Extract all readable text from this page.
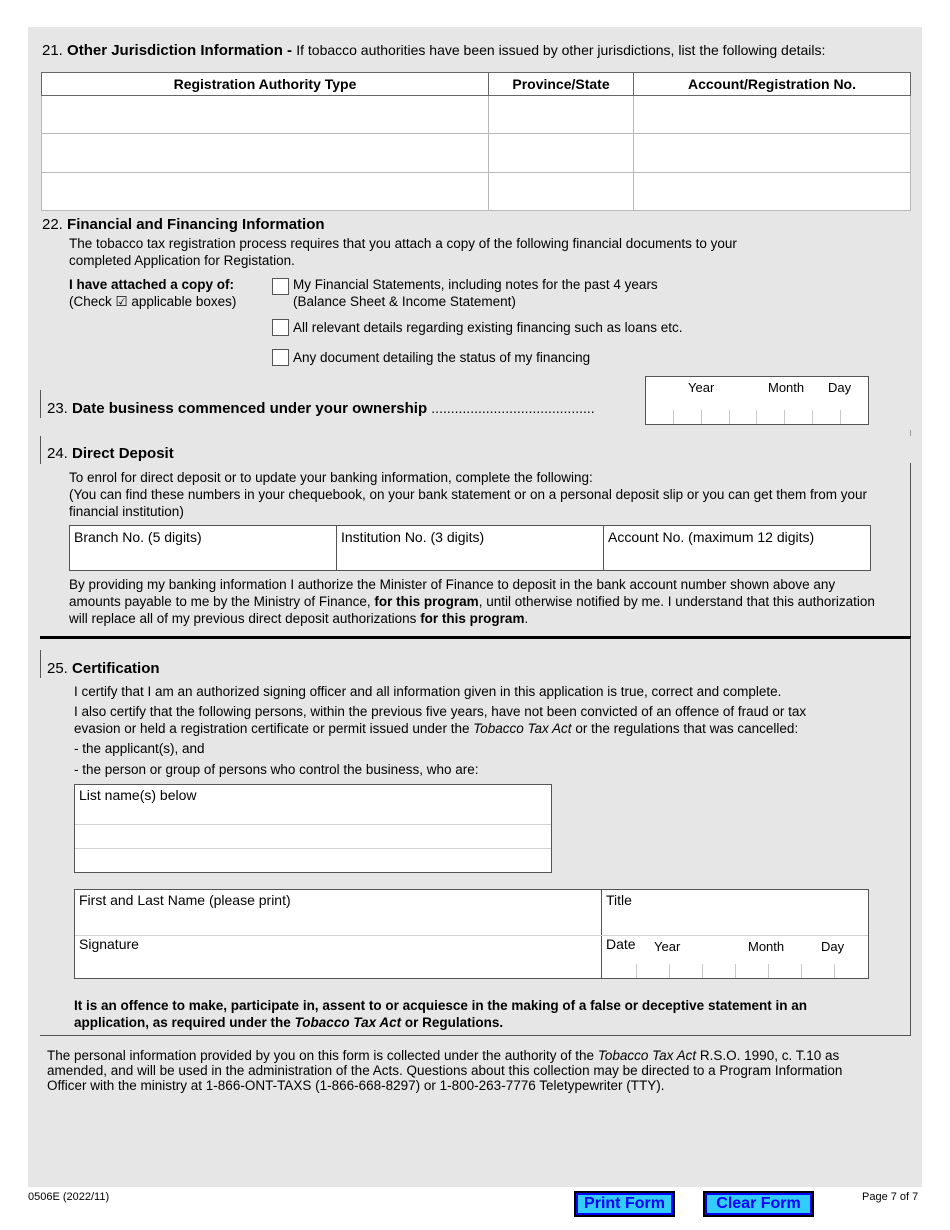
21. Other Jurisdiction Information - If tobacco authorities have been issued by other jurisdictions, list the following details:
Registration Authority Type	Province/State	Account/Registration No.

22. Financial and Financing Information
The tobacco tax registration process requires that you attach a copy of the following financial documents to your
completed Application for Registation.
I have attached a copy of:
(Check ☑ applicable boxes)
My Financial Statements, including notes for the past 4 years
(Balance Sheet & Income Statement)
All relevant details regarding existing financing such as loans etc.
Any document detailing the status of my financing
23. Date business commenced under your ownership ..........................................
Year	Month Day
24. Direct Deposit
To enrol for direct deposit or to update your banking information, complete the following:
(You can find these numbers in your chequebook, on your bank statement or on a personal deposit slip or you can get them from your
financial institution)
Branch No. (5 digits)	Institution No. (3 digits)	Account No. (maximum 12 digits)
By providing my banking information I authorize the Minister of Finance to deposit in the bank account number shown above any
amounts payable to me by the Ministry of Finance, for this program, until otherwise notified by me. I understand that this authorization
will replace all of my previous direct deposit authorizations for this program.
25. Certification
I certify that I am an authorized signing officer and all information given in this application is true, correct and complete.
I also certify that the following persons, within the previous five years, have not been convicted of an offence of fraud or tax
evasion or held a registration certificate or permit issued under the Tobacco Tax Act or the regulations that was cancelled:
- the applicant(s), and
- the person or group of persons who control the business, who are:
List name(s) below
First and Last Name (please print)	Title
Signature	Date Year	Month	Day
It is an offence to make, participate in, assent to or acquiesce in the making of a false or deceptive statement in an
application, as required under the Tobacco Tax Act or Regulations.
The personal information provided by you on this form is collected under the authority of the Tobacco Tax Act R.S.O. 1990, c. T.10 as
amended, and will be used in the administration of the Acts. Questions about this collection may be directed to a Program Information
Officer with the ministry at 1-866-ONT-TAXS (1-866-668-8297) or 1-800-263-7776 Teletypewriter (TTY).
0506E (2022/11)	Print Form	Clear Form	Page 7 of 7
